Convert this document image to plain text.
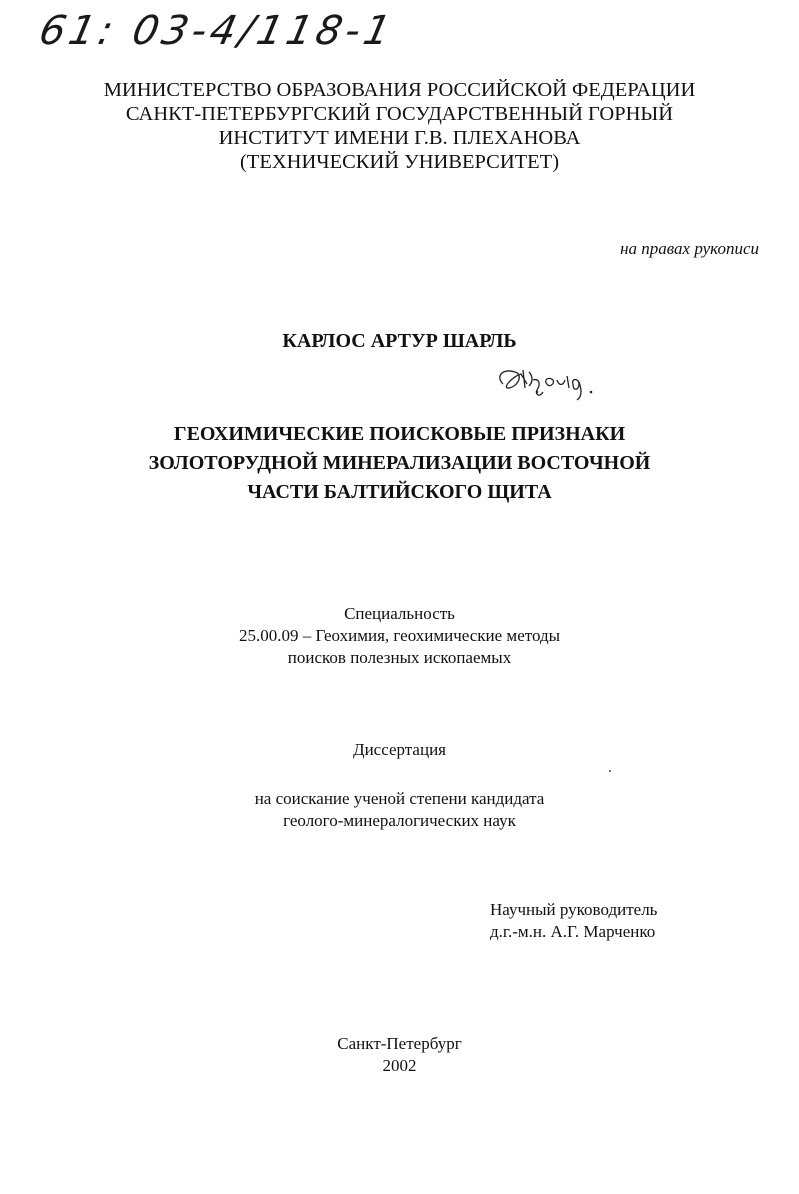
61: 03-4/118-1
МИНИСТЕРСТВО ОБРАЗОВАНИЯ РОССИЙСКОЙ ФЕДЕРАЦИИ
САНКТ-ПЕТЕРБУРГСКИЙ ГОСУДАРСТВЕННЫЙ ГОРНЫЙ
ИНСТИТУТ ИМЕНИ Г.В. ПЛЕХАНОВА
(ТЕХНИЧЕСКИЙ УНИВЕРСИТЕТ)
на правах рукописи
КАРЛОС АРТУР ШАРЛЬ
ГЕОХИМИЧЕСКИЕ ПОИСКОВЫЕ ПРИЗНАКИ
ЗОЛОТОРУДНОЙ МИНЕРАЛИЗАЦИИ ВОСТОЧНОЙ
ЧАСТИ БАЛТИЙСКОГО ЩИТА
Специальность
25.00.09 – Геохимия, геохимические методы
поисков полезных ископаемых
Диссертация
на соискание ученой степени кандидата
геолого-минералогических наук
Научный руководитель
д.г.-м.н. А.Г. Марченко
Санкт-Петербург
2002
